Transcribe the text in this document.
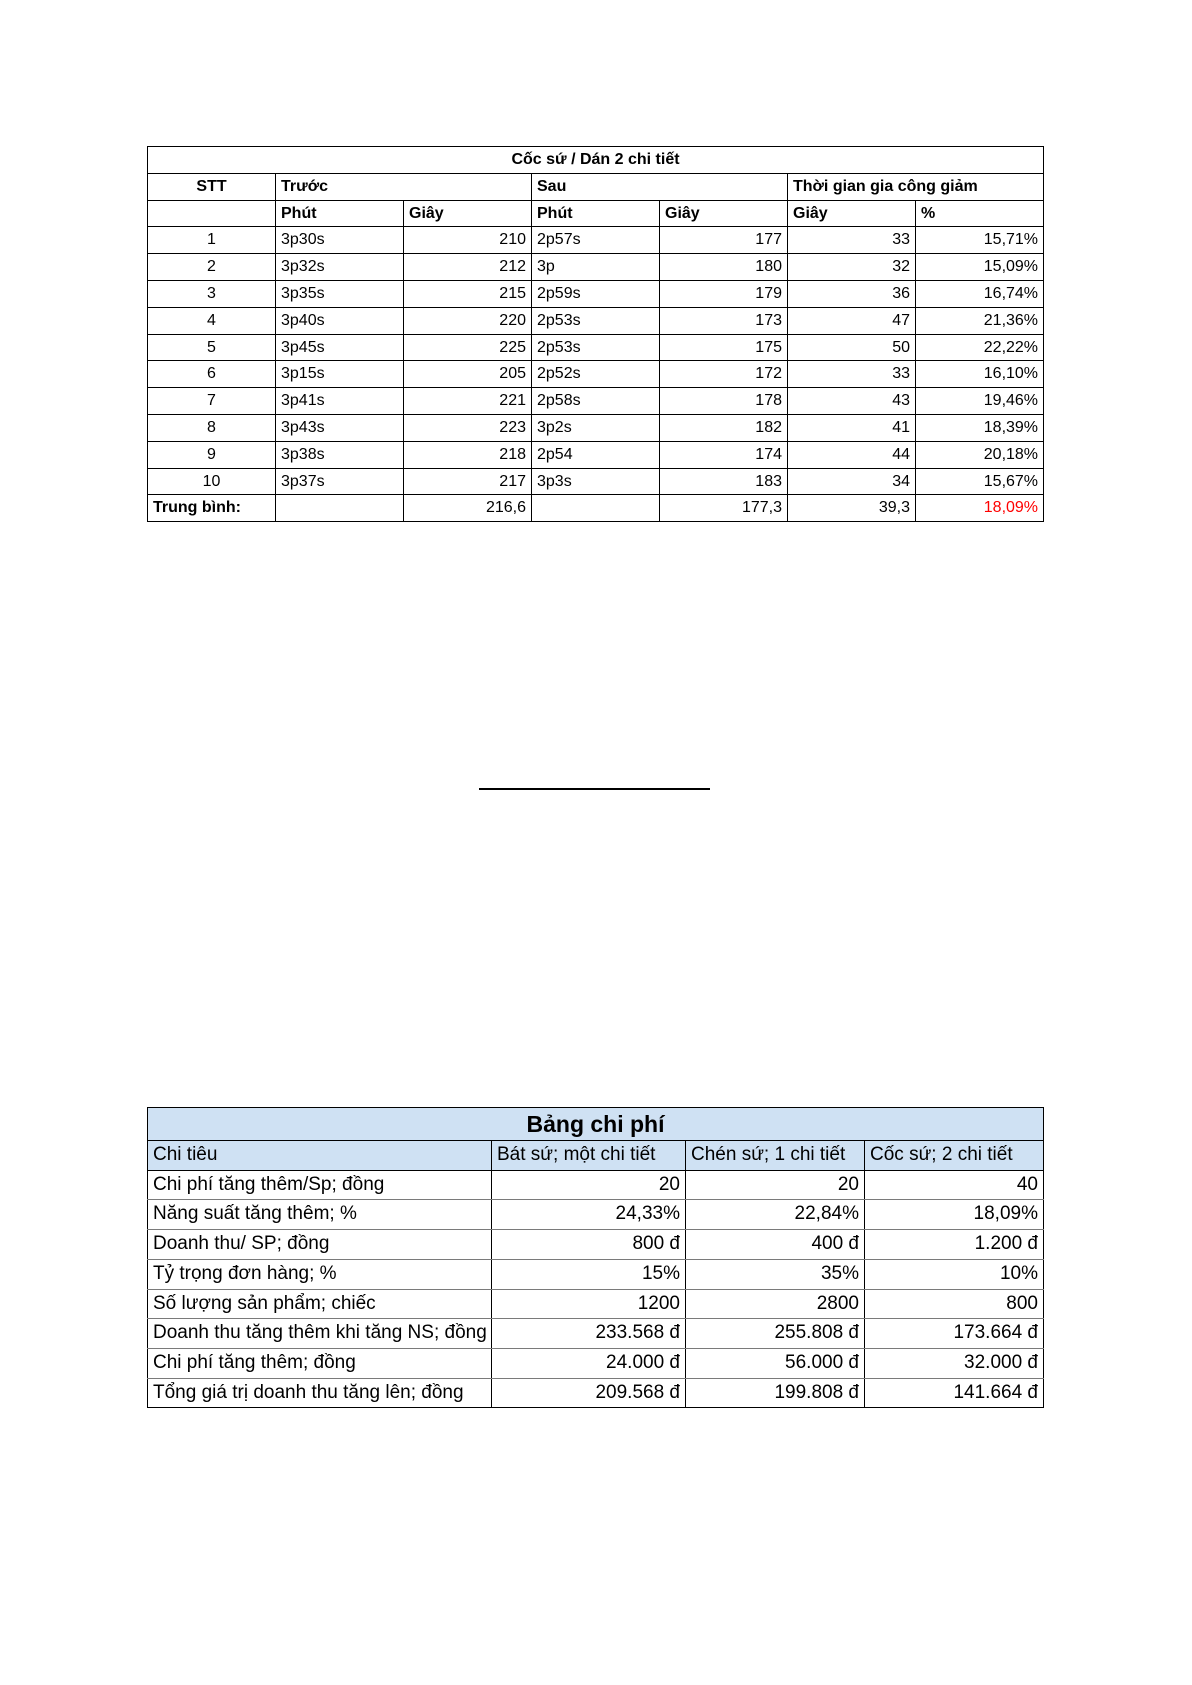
Cốc sứ / Dán 2 chi tiết						
STT	Trước		Sau		Thời gian gia công giảm	
	Phút	Giây	Phút	Giây	Giây	%
1	3p30s	210	2p57s	177	33	15,71%
2	3p32s	212	3p	180	32	15,09%
3	3p35s	215	2p59s	179	36	16,74%
4	3p40s	220	2p53s	173	47	21,36%
5	3p45s	225	2p53s	175	50	22,22%
6	3p15s	205	2p52s	172	33	16,10%
7	3p41s	221	2p58s	178	43	19,46%
8	3p43s	223	3p2s	182	41	18,39%
9	3p38s	218	2p54	174	44	20,18%
10	3p37s	217	3p3s	183	34	15,67%
Trung bình:		216,6		177,3	39,3	18,09%
Bảng chi phí			
Chi tiêu	Bát sứ; một chi tiết	Chén sứ; 1 chi tiết	Cốc sứ; 2 chi tiết
Chi phí tăng thêm/Sp; đồng	20	20	40
Năng suất tăng thêm; %	24,33%	22,84%	18,09%
Doanh thu/ SP; đồng	800 đ	400 đ	1.200 đ
Tỷ trọng đơn hàng; %	15%	35%	10%
Số lượng sản phẩm; chiếc	1200	2800	800
Doanh thu tăng thêm khi tăng NS; đồng	233.568 đ	255.808 đ	173.664 đ
Chi phí tăng thêm; đồng	24.000 đ	56.000 đ	32.000 đ
Tổng giá trị doanh thu tăng lên; đồng	209.568 đ	199.808 đ	141.664 đ
